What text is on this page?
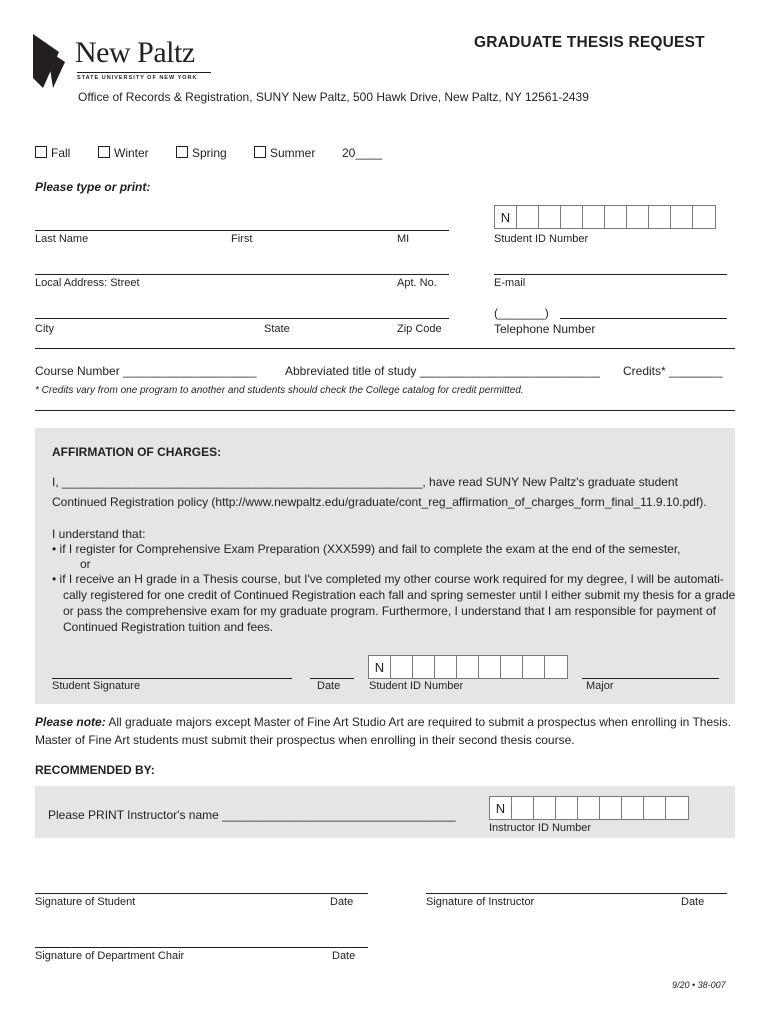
New Paltz
STATE UNIVERSITY OF NEW YORK
GRADUATE THESIS REQUEST
Office of Records & Registration, SUNY New Paltz, 500 Hawk Drive, New Paltz, NY 12561-2439
Fall	Winter	Spring	Summer 20____
Please type or print:
Last Name	First	MI
N
Student ID Number
Local Address: Street	Apt. No.	E-mail
City	State	Zip Code
(_______)
Telephone Number
Course Number ____________________ Abbreviated title of study ___________________________ Credits* ________
* Credits vary from one program to another and students should check the College catalog for credit permitted.
AFFIRMATION OF CHARGES:
I, ______________________________________________________, have read SUNY New Paltz's graduate student
Continued Registration policy (http://www.newpaltz.edu/graduate/cont_reg_affirmation_of_charges_form_final_11.9.10.pdf).
I understand that:
• if I register for Comprehensive Exam Preparation (XXX599) and fail to complete the exam at the end of the semester,
or
• if I receive an H grade in a Thesis course, but I've completed my other course work required for my degree, I will be automati-
cally registered for one credit of Continued Registration each fall and spring semester until I either submit my thesis for a grade
or pass the comprehensive exam for my graduate program. Furthermore, I understand that I am responsible for payment of
Continued Registration tuition and fees.
Student Signature	Date
N
Student ID Number	Major
Please note: All graduate majors except Master of Fine Art Studio Art are required to submit a prospectus when enrolling in Thesis.
Master of Fine Art students must submit their prospectus when enrolling in their second thesis course.
RECOMMENDED BY:
Please PRINT Instructor's name ___________________________________	N
Instructor ID Number
Signature of Student	Date	Signature of Instructor	Date
Signature of Department Chair	Date
9/20 • 38-007
